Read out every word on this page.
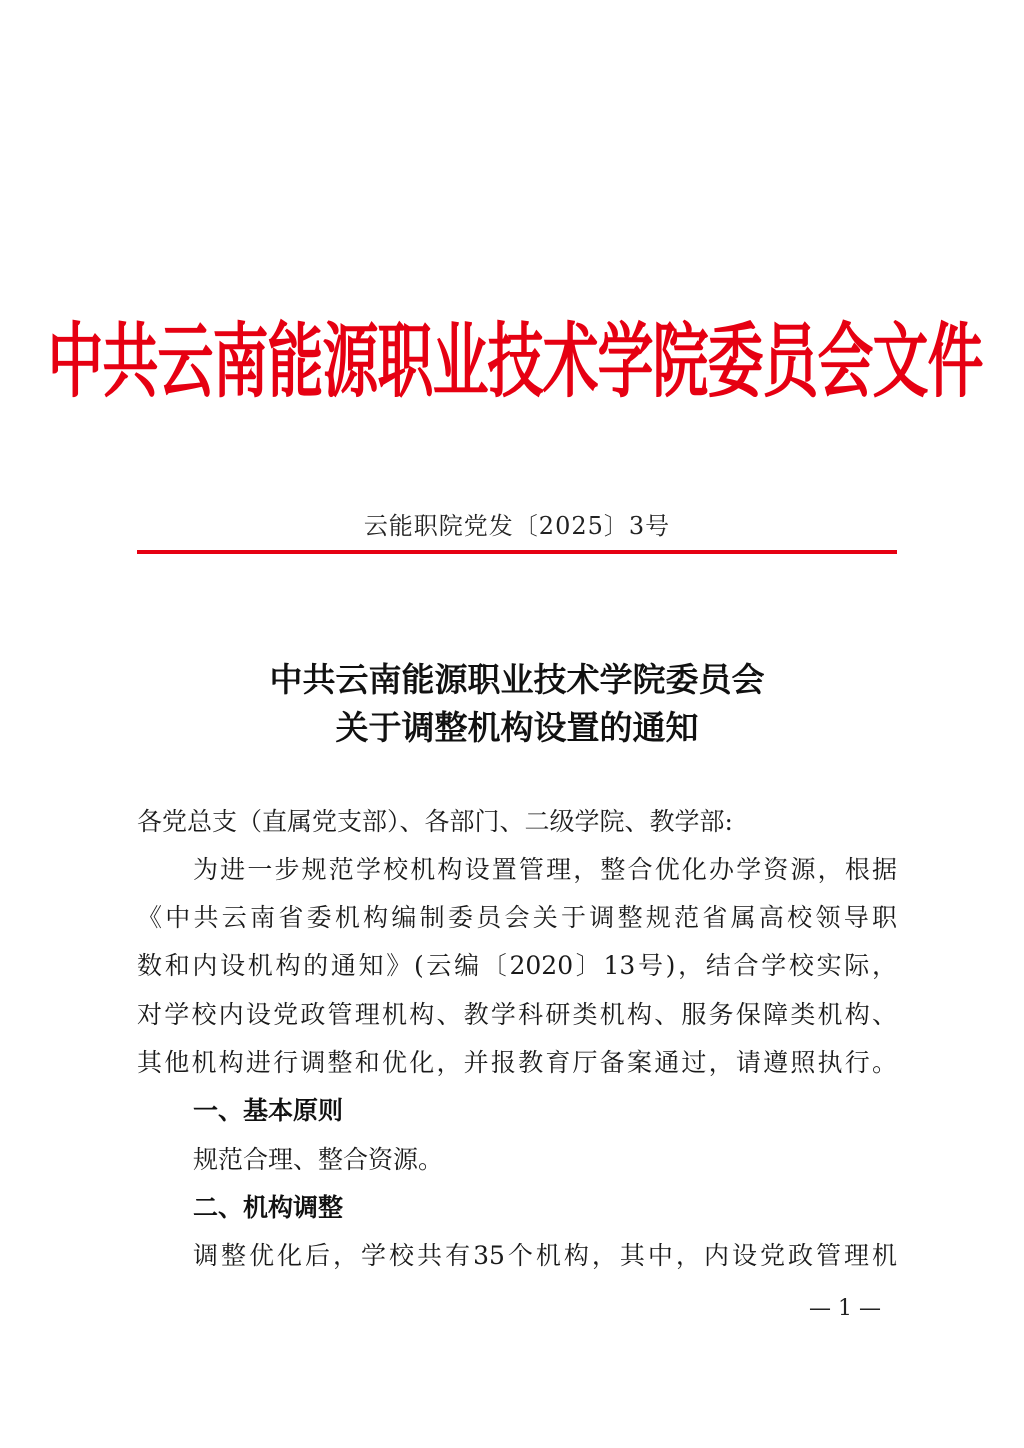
中共云南能源职业技术学院委员会文件
云能职院党发〔2025〕3号
中共云南能源职业技术学院委员会
关于调整机构设置的通知
各党总支（直属党支部）、各部门、二级学院、教学部:
为进一步规范学校机构设置管理，整合优化办学资源，根据
《中共云南省委机构编制委员会关于调整规范省属高校领导职
数和内设机构的通知》(云编〔2020〕13号)，结合学校实际，
对学校内设党政管理机构、教学科研类机构、服务保障类机构、
其他机构进行调整和优化，并报教育厅备案通过，请遵照执行。
一、基本原则
规范合理、整合资源。
二、机构调整
调整优化后，学校共有35个机构，其中，内设党政管理机
— 1 —
